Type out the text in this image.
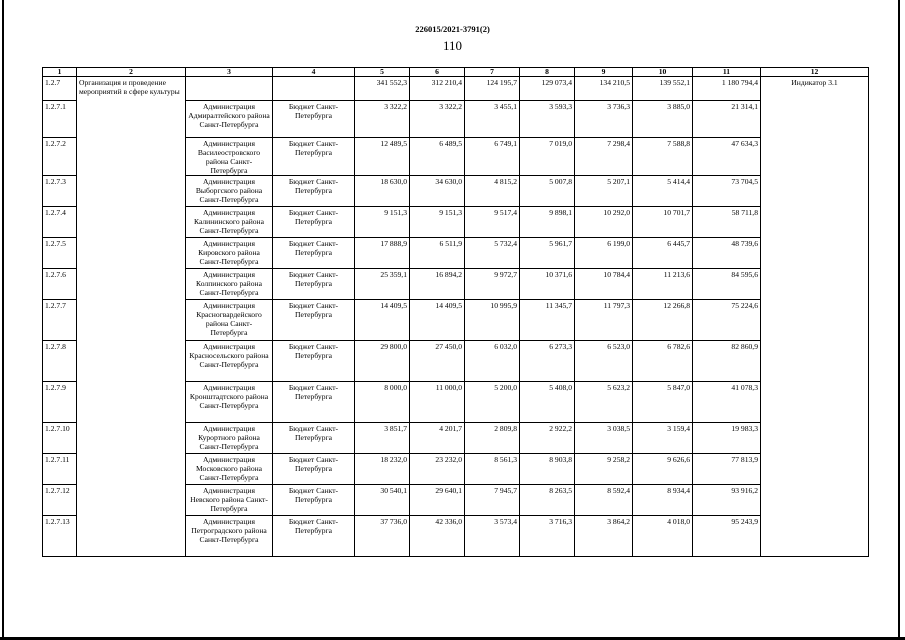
226015/2021-3791(2)
110
1	2	3	4	5	6	7	8	9	10	11	12
1.2.7	Организация и проведение мероприятий в сфере культуры			341 552,3	312 210,4	124 195,7	129 073,4	134 210,5	139 552,1	1 180 794,4	Индикатор 3.1
1.2.7.1		Администрация Адмиралтейского района Санкт-Петербурга	Бюджет Санкт-Петербурга	3 322,2	3 322,2	3 455,1	3 593,3	3 736,3	3 885,0	21 314,1	
1.2.7.2		Администрация Василеостровского района Санкт-Петербурга	Бюджет Санкт-Петербурга	12 489,5	6 489,5	6 749,1	7 019,0	7 298,4	7 588,8	47 634,3	
1.2.7.3		Администрация Выборгского района Санкт-Петербурга	Бюджет Санкт-Петербурга	18 630,0	34 630,0	4 815,2	5 007,8	5 207,1	5 414,4	73 704,5	
1.2.7.4		Администрация Калининского района Санкт-Петербурга	Бюджет Санкт-Петербурга	9 151,3	9 151,3	9 517,4	9 898,1	10 292,0	10 701,7	58 711,8	
1.2.7.5		Администрация Кировского района Санкт-Петербурга	Бюджет Санкт-Петербурга	17 888,9	6 511,9	5 732,4	5 961,7	6 199,0	6 445,7	48 739,6	
1.2.7.6		Администрация Колпинского района Санкт-Петербурга	Бюджет Санкт-Петербурга	25 359,1	16 894,2	9 972,7	10 371,6	10 784,4	11 213,6	84 595,6	
1.2.7.7		Администрация Красногвардейского района Санкт-Петербурга	Бюджет Санкт-Петербурга	14 409,5	14 409,5	10 995,9	11 345,7	11 797,3	12 266,8	75 224,6	
1.2.7.8		Администрация Красносельского района Санкт-Петербурга	Бюджет Санкт-Петербурга	29 800,0	27 450,0	6 032,0	6 273,3	6 523,0	6 782,6	82 860,9	
1.2.7.9		Администрация Кронштадтского района Санкт-Петербурга	Бюджет Санкт-Петербурга	8 000,0	11 000,0	5 200,0	5 408,0	5 623,2	5 847,0	41 078,3	
1.2.7.10		Администрация Курортного района Санкт-Петербурга	Бюджет Санкт-Петербурга	3 851,7	4 201,7	2 809,8	2 922,2	3 038,5	3 159,4	19 983,3	
1.2.7.11		Администрация Московского района Санкт-Петербурга	Бюджет Санкт-Петербурга	18 232,0	23 232,0	8 561,3	8 903,8	9 258,2	9 626,6	77 813,9	
1.2.7.12		Администрация Невского района Санкт-Петербурга	Бюджет Санкт-Петербурга	30 540,1	29 640,1	7 945,7	8 263,5	8 592,4	8 934,4	93 916,2	
1.2.7.13		Администрация Петроградского района Санкт-Петербурга	Бюджет Санкт-Петербурга	37 736,0	42 336,0	3 573,4	3 716,3	3 864,2	4 018,0	95 243,9	
